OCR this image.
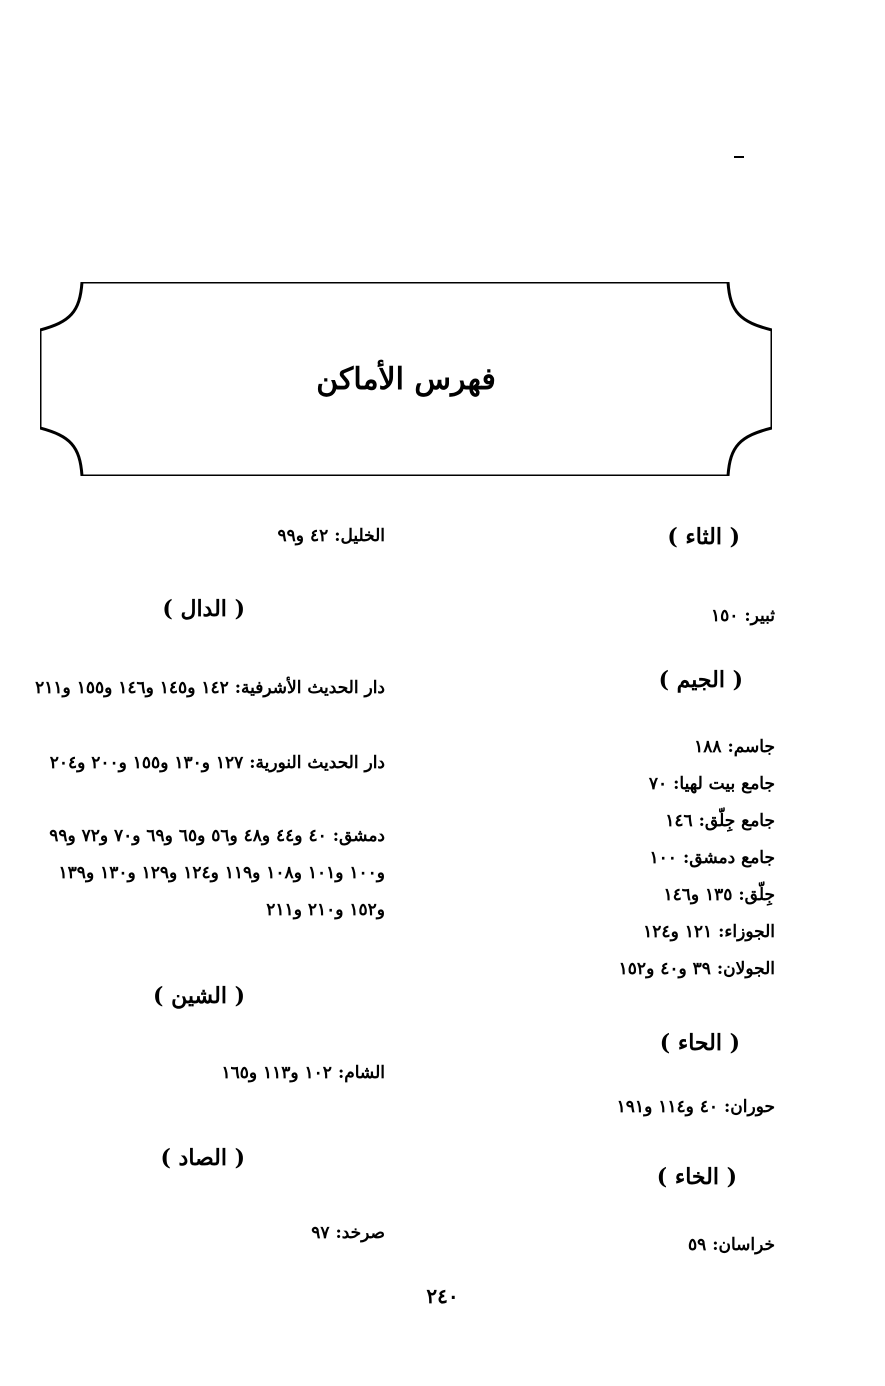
فهرس الأماكن
( الثاء )
ثبير:١٥٠
( الجيم )
جاسم:١٨٨
جامع بيت لهيا:٧٠
جامع جِلّق:١٤٦
جامع دمشق:١٠٠
جِلّق:١٣٥ و١٤٦
الجوزاء:١٢١ و١٢٤
الجولان:٣٩ و٤٠ و١٥٢
( الحاء )
حوران:٤٠ و١١٤ و١٩١
( الخاء )
خراسان:٥٩
الخليل:٤٢ و٩٩
( الدال )
دار الحديث الأشرفية:١٤٢ و١٤٥ و١٤٦ و١٥٥ و٢١١
دار الحديث النورية:١٢٧ و١٣٠ و١٥٥ و٢٠٠ و٢٠٤
دمشق:٤٠ و٤٤ و٤٨ و٥٦ و٦٥ و٦٩ و٧٠ و٧٢ و٩٩ و١٠٠ و١٠١ و١٠٨ و١١٩ و١٢٤ و١٢٩ و١٣٠ و١٣٩ و١٥٢ و٢١٠ و٢١١
( الشين )
الشام:١٠٢ و١١٣ و١٦٥
( الصاد )
صرخد:٩٧
٢٤٠
